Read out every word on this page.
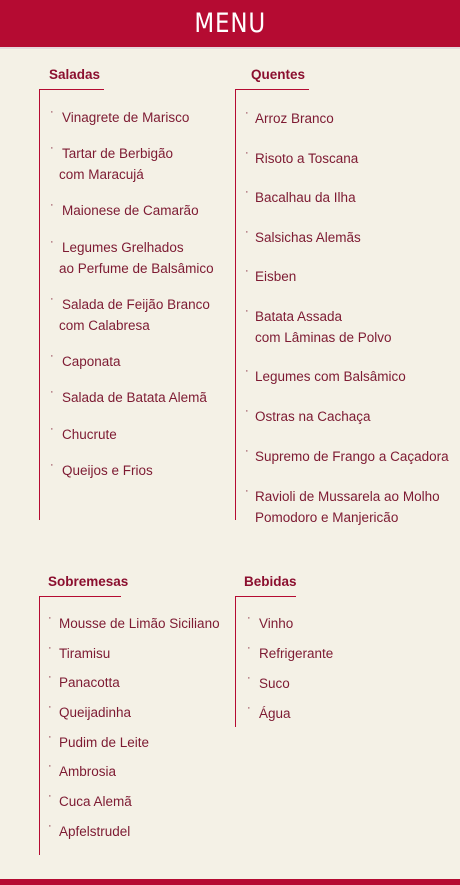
MENU
Saladas
· Vinagrete de Marisco
· Tartar de Berbigão
com Maracujá
· Maionese de Camarão
· Legumes Grelhados
ao Perfume de Balsâmico
· Salada de Feijão Branco
com Calabresa
· Caponata
· Salada de Batata Alemã
· Chucrute
· Queijos e Frios
Quentes
· Arroz Branco
· Risoto a Toscana
· Bacalhau da Ilha
· Salsichas Alemãs
· Eisben
· Batata Assada
com Lâminas de Polvo
· Legumes com Balsâmico
· Ostras na Cachaça
· Supremo de Frango a Caçadora
· Ravioli de Mussarela ao Molho
Pomodoro e Manjericão
Sobremesas
· Mousse de Limão Siciliano
· Tiramisu
· Panacotta
· Queijadinha
· Pudim de Leite
· Ambrosia
· Cuca Alemã
· Apfelstrudel
Bebidas
· Vinho
· Refrigerante
· Suco
· Água
